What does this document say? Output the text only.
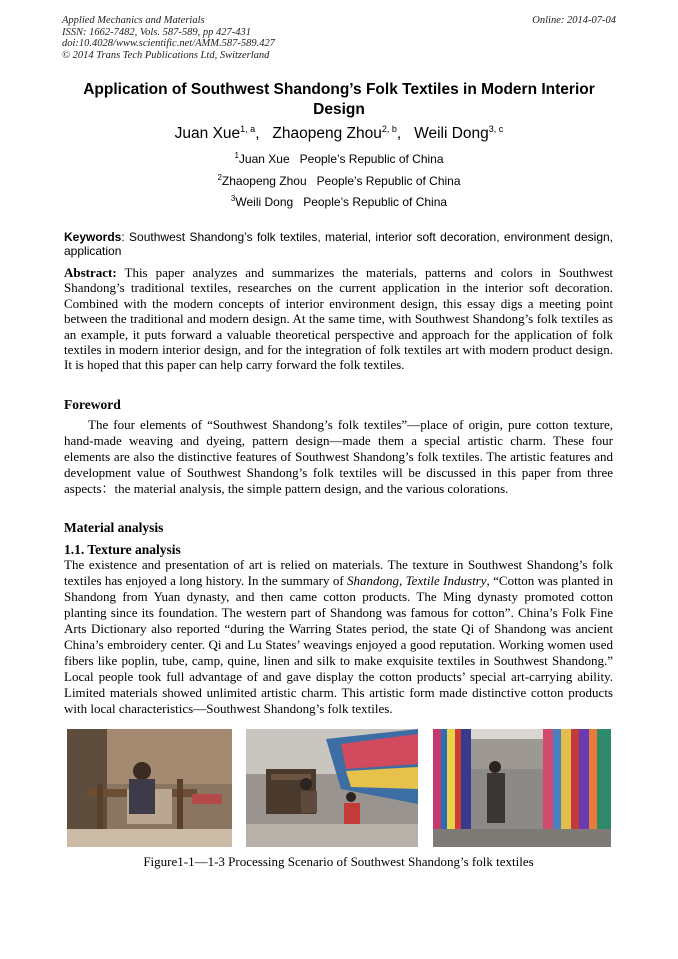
Applied Mechanics and Materials
ISSN: 1662-7482, Vols. 587-589, pp 427-431
doi:10.4028/www.scientific.net/AMM.587-589.427
© 2014 Trans Tech Publications Ltd, Switzerland
Online: 2014-07-04
Application of Southwest Shandong’s Folk Textiles in Modern Interior
Design
Juan Xue$^{1, a}$, Zhaopeng Zhou$^{2, b}$, Weili Dong$^{3, c}$
$^1$Juan Xue People’s Republic of China
$^2$Zhaopeng Zhou People’s Republic of China
$^3$Weili Dong People’s Republic of China
Keywords: Southwest Shandong’s folk textiles, material, interior soft decoration, environment design, application
Abstract: This paper analyzes and summarizes the materials, patterns and colors in Southwest Shandong’s traditional textiles, researches on the current application in the interior soft decoration. Combined with the modern concepts of interior environment design, this essay digs a meeting point between the traditional and modern design. At the same time, with Southwest Shandong’s folk textiles as an example, it puts forward a valuable theoretical perspective and approach for the application of folk textiles in modern interior design, and for the integration of folk textiles art with modern product design. It is hoped that this paper can help carry forward the folk textiles.
Foreword
The four elements of “Southwest Shandong’s folk textiles”—place of origin, pure cotton texture, hand-made weaving and dyeing, pattern design—made them a special artistic charm. These four elements are also the distinctive features of Southwest Shandong’s folk textiles. The artistic features and development value of Southwest Shandong’s folk textiles will be discussed in this paper from three aspects：the material analysis, the simple pattern design, and the various colorations.
Material analysis
1.1. Texture analysis
The existence and presentation of art is relied on materials. The texture in Southwest Shandong’s folk textiles has enjoyed a long history. In the summary of Shandong, Textile Industry, “Cotton was planted in Shandong from Yuan dynasty, and then came cotton products. The Ming dynasty promoted cotton planting since its foundation. The western part of Shandong was famous for cotton”. China’s Folk Fine Arts Dictionary also reported “during the Warring States period, the state Qi of Shandong was ancient China’s embroidery center. Qi and Lu States’ weavings enjoyed a good reputation. Working women used fibers like poplin, tube, camp, quine, linen and silk to make exquisite textiles in Southwest Shandong.” Local people took full advantage of and gave display the cotton products’ special art-carrying ability. Limited materials showed unlimited artistic charm. This artistic form made distinctive cotton products with local characteristics—Southwest Shandong’s folk textiles.
Figure1-1—1-3 Processing Scenario of Southwest Shandong’s folk textiles
